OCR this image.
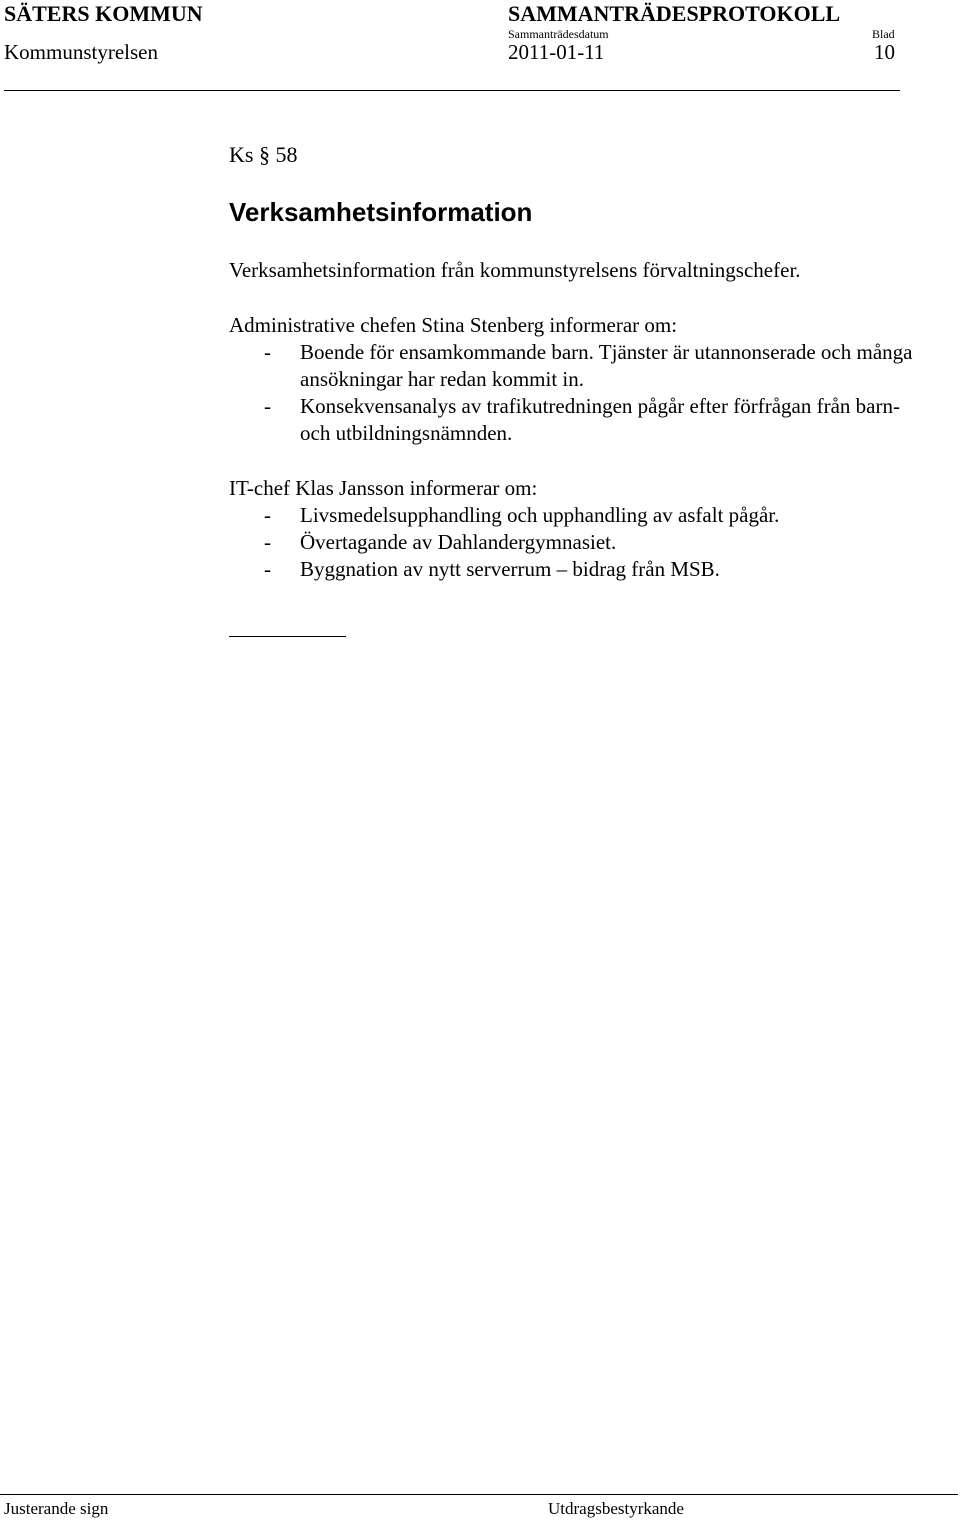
SÄTERS KOMMUN
Kommunstyrelsen
SAMMANTRÄDESPROTOKOLL
Sammanträdesdatum
2011-01-11
Blad
10
Ks § 58
Verksamhetsinformation
Verksamhetsinformation från kommunstyrelsens förvaltningschefer.
Administrative chefen Stina Stenberg informerar om:
- Boende för ensamkommande barn. Tjänster är utannonserade och många ansökningar har redan kommit in.
- Konsekvensanalys av trafikutredningen pågår efter förfrågan från barn- och utbildningsnämnden.
IT-chef Klas Jansson informerar om:
- Livsmedelsupphandling och upphandling av asfalt pågår.
- Övertagande av Dahlandergymnasiet.
- Byggnation av nytt serverrum – bidrag från MSB.
Justerande sign	Utdragsbestyrkande
